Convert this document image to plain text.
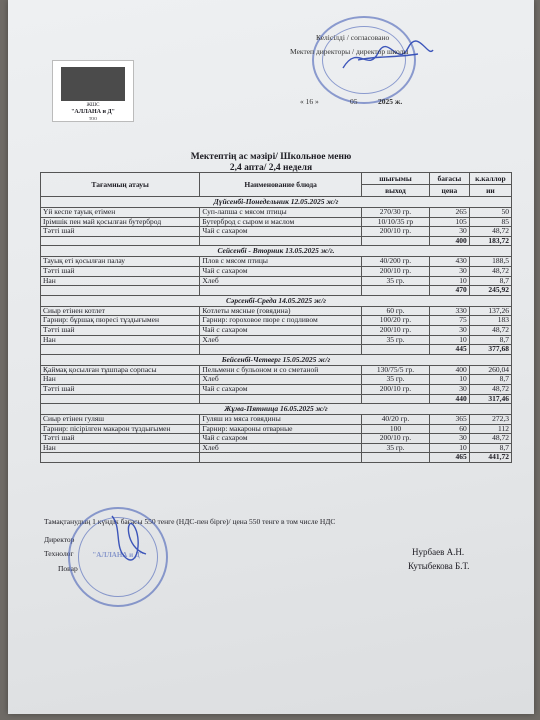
ЖШС
"АЛЛАНА и Д"
ТОО
Келісілді / согласовано
Мектеп директоры / директор школы
« 16 »	05	2025 ж.
Мектептің ас мәзірі/ Школьное меню
2,4 апта/ 2,4 неделя
Тағамның атауы	Наименование блюда	шығымы	бағасы	к.каллор
		выход	цена	ии
Дүйсенбі-Понедельник 12.05.2025 ж/г				
Үй кеспе тауық етімен	Суп-лапша с мясом птицы	270/30 гр.	265	50
Ірімшік пен май қосылған бутерброд	Бутерброд с сыром и маслом	10/10/35 гр	105	85
Тәтті шай	Чай с сахаром	200/10 гр.	30	48,72
			400	183,72
Сейсенбі - Вторник 13.05.2025 ж/г.				
Тауық еті қосылған палау	Плов с мясом птицы	40/200 гр.	430	188,5
Тәтті шай	Чай с сахаром	200/10 гр.	30	48,72
Нан	Хлеб	35 гр.	10	8,7
			470	245,92
Сәрсенбі-Среда 14.05.2025 ж/г				
Сиыр етінен котлет	Котлеты мясные (говядина)	60 гр.	330	137,26
Гарнир: бұршақ пюресі тұздығымен	Гарнир: гороховое пюре с подливом	100/20 гр.	75	183
Тәтті шай	Чай с сахаром	200/10 гр.	30	48,72
Нан	Хлеб	35 гр.	10	8,7
			445	377,68
Бейсенбі-Четверг 15.05.2025 ж/г				
Қаймақ қосылған тұшпара сорпасы	Пельмени с бульоном и со сметаной	130/75/5 гр.	400	260,04
Нан	Хлеб	35 гр.	10	8,7
Тәтті шай	Чай с сахаром	200/10 гр.	30	48,72
			440	317,46
Жұма-Пятница 16.05.2025 ж/г				
Сиыр етінен гуляш	Гуляш из мяса говядины	40/20 гр.	365	272,3
Гарнир: пісірілген макарон тұздығымен	Гарнир: макароны отварные	100	60	112
Тәтті шай	Чай с сахаром	200/10 гр.	30	48,72
Нан	Хлеб	35 гр.	10	8,7
			465	441,72
Тамақтанудың 1 күндік бағасы 550 тенге (НДС-пен бірге)/ цена 550 тенге в том числе НДС
Директор
Технолог
Повар
Нурбаев А.Н.
Кутыбекова Б.Т.
"АЛЛАНА и Д"
